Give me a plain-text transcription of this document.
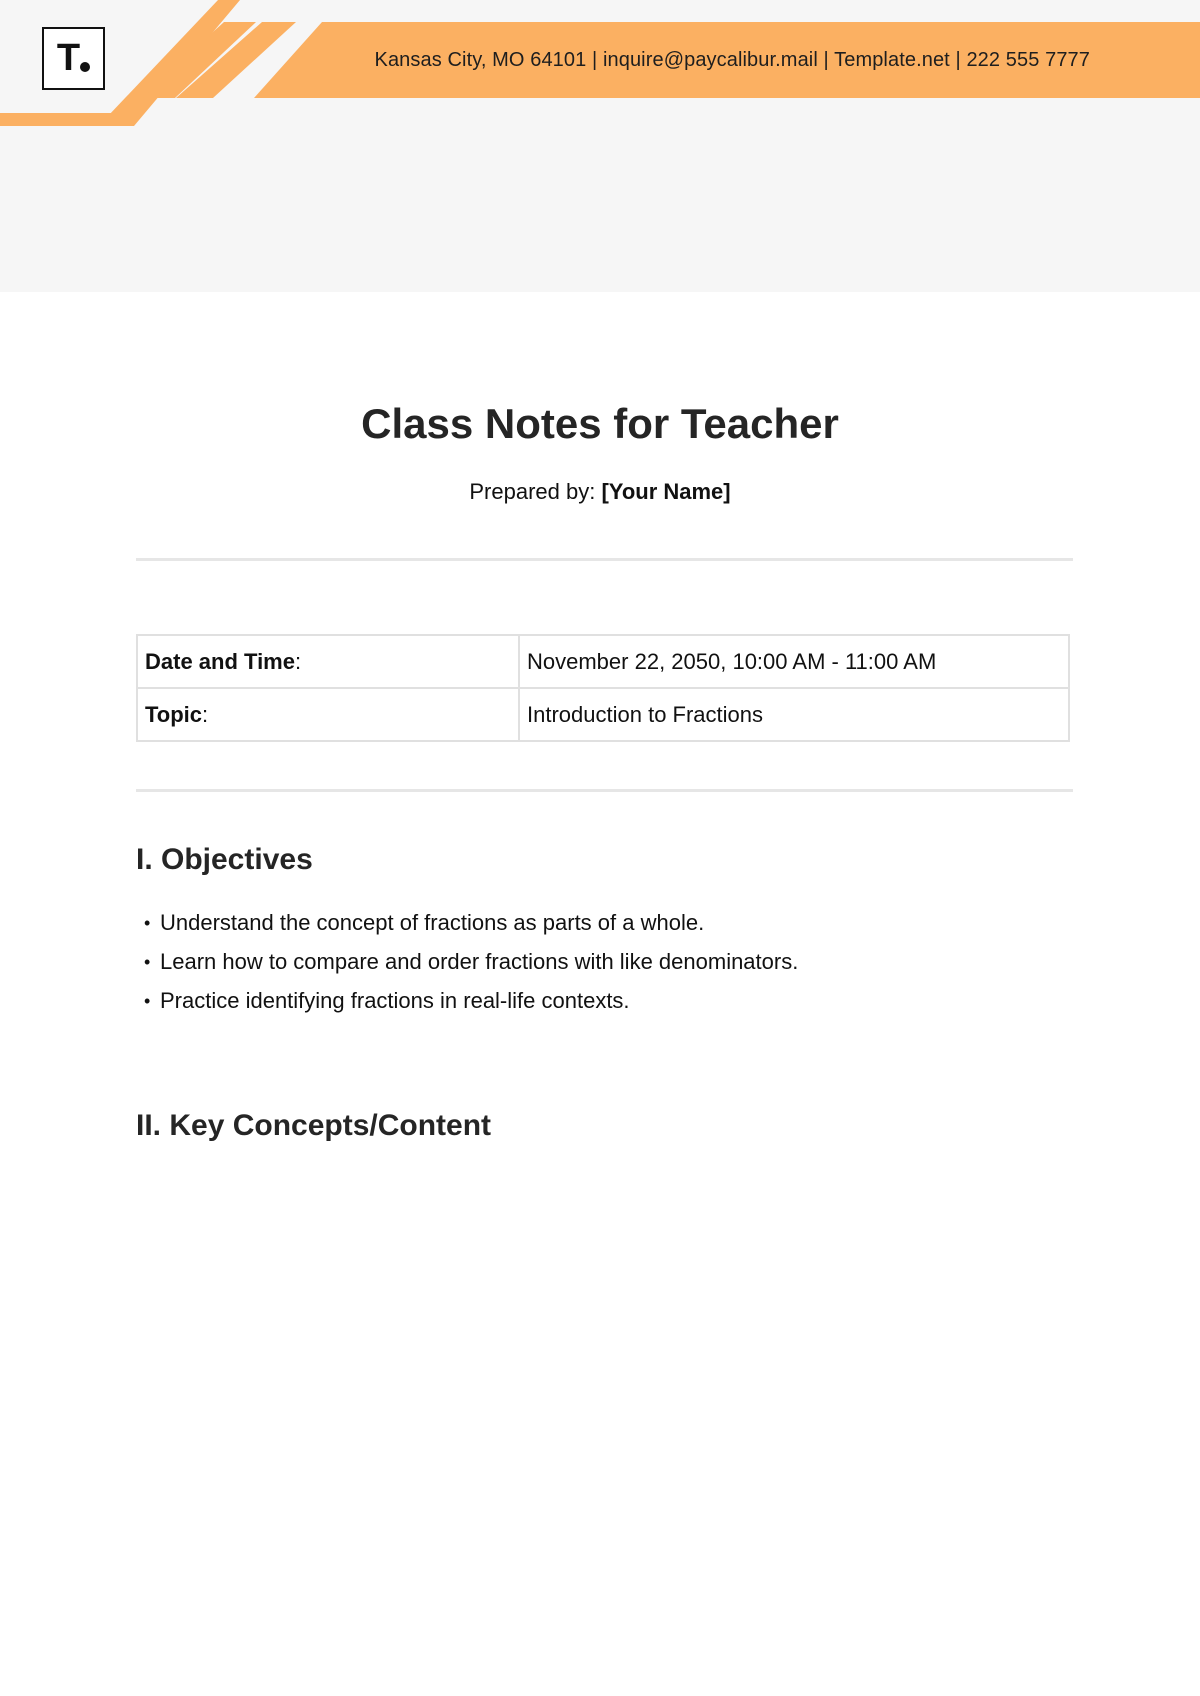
Kansas City, MO 64101 | inquire@paycalibur.mail | Template.net | 222 555 7777
T
Class Notes for Teacher
Prepared by: [Your Name]
Date and Time:	November 22, 2050, 10:00 AM - 11:00 AM
Topic:	Introduction to Fractions
I. Objectives
• Understand the concept of fractions as parts of a whole.
• Learn how to compare and order fractions with like denominators.
• Practice identifying fractions in real-life contexts.
II. Key Concepts/Content
